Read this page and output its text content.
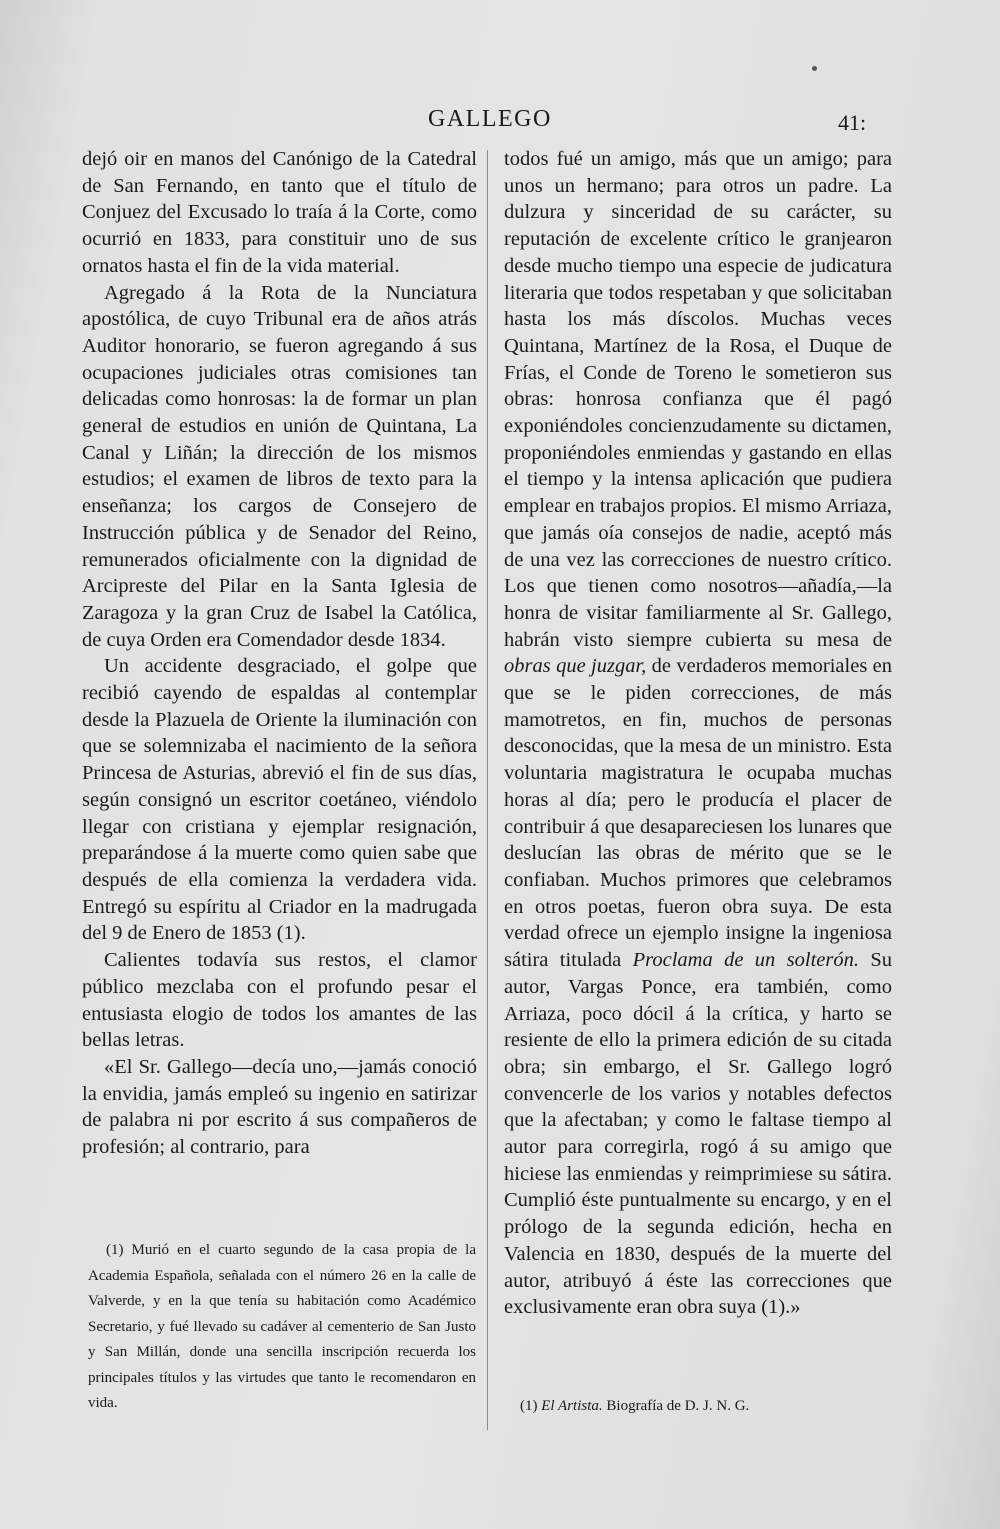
GALLEGO	41:

dejó oir en manos del Canónigo de la Catedral de San Fernando, en tanto que el título de Conjuez del Excusado lo traía á la Corte, como ocurrió en 1833, para constituir uno de sus ornatos hasta el fin de la vida material.

Agregado á la Rota de la Nunciatura apostólica, de cuyo Tribunal era de años atrás Auditor honorario, se fueron agregando á sus ocupaciones judiciales otras comisiones tan delicadas como honrosas: la de formar un plan general de estudios en unión de Quintana, La Canal y Liñán; la dirección de los mismos estudios; el examen de libros de texto para la enseñanza; los cargos de Consejero de Instrucción pública y de Senador del Reino, remunerados oficialmente con la dignidad de Arcipreste del Pilar en la Santa Iglesia de Zaragoza y la gran Cruz de Isabel la Católica, de cuya Orden era Comendador desde 1834.

Un accidente desgraciado, el golpe que recibió cayendo de espaldas al contemplar desde la Plazuela de Oriente la iluminación con que se solemnizaba el nacimiento de la señora Princesa de Asturias, abrevió el fin de sus días, según consignó un escritor coetáneo, viéndolo llegar con cristiana y ejemplar resignación, preparándose á la muerte como quien sabe que después de ella comienza la verdadera vida. Entregó su espíritu al Criador en la madrugada del 9 de Enero de 1853 (1).

Calientes todavía sus restos, el clamor público mezclaba con el profundo pesar el entusiasta elogio de todos los amantes de las bellas letras.

«El Sr. Gallego—decía uno,—jamás conoció la envidia, jamás empleó su ingenio en satirizar de palabra ni por escrito á sus compañeros de profesión; al contrario, para

(1) Murió en el cuarto segundo de la casa propia de la Academia Española, señalada con el número 26 en la calle de Valverde, y en la que tenía su habitación como Académico Secretario, y fué llevado su cadáver al cementerio de San Justo y San Millán, donde una sencilla inscripción recuerda los principales títulos y las virtudes que tanto le recomendaron en vida.

todos fué un amigo, más que un amigo; para unos un hermano; para otros un padre. La dulzura y sinceridad de su carácter, su reputación de excelente crítico le granjearon desde mucho tiempo una especie de judicatura literaria que todos respetaban y que solicitaban hasta los más díscolos. Muchas veces Quintana, Martínez de la Rosa, el Duque de Frías, el Conde de Toreno le sometieron sus obras: honrosa confianza que él pagó exponiéndoles concienzudamente su dictamen, proponiéndoles enmiendas y gastando en ellas el tiempo y la intensa aplicación que pudiera emplear en trabajos propios. El mismo Arriaza, que jamás oía consejos de nadie, aceptó más de una vez las correcciones de nuestro crítico. Los que tienen como nosotros—añadía,—la honra de visitar familiarmente al Sr. Gallego, habrán visto siempre cubierta su mesa de obras que juzgar, de verdaderos memoriales en que se le piden correcciones, de más mamotretos, en fin, muchos de personas desconocidas, que la mesa de un ministro. Esta voluntaria magistratura le ocupaba muchas horas al día; pero le producía el placer de contribuir á que desapareciesen los lunares que deslucían las obras de mérito que se le confiaban. Muchos primores que celebramos en otros poetas, fueron obra suya. De esta verdad ofrece un ejemplo insigne la ingeniosa sátira titulada Proclama de un solterón. Su autor, Vargas Ponce, era también, como Arriaza, poco dócil á la crítica, y harto se resiente de ello la primera edición de su citada obra; sin embargo, el Sr. Gallego logró convencerle de los varios y notables defectos que la afectaban; y como le faltase tiempo al autor para corregirla, rogó á su amigo que hiciese las enmiendas y reimprimiese su sátira. Cumplió éste puntualmente su encargo, y en el prólogo de la segunda edición, hecha en Valencia en 1830, después de la muerte del autor, atribuyó á éste las correcciones que exclusivamente eran obra suya (1).»

(1) El Artista. Biografía de D. J. N. G.
